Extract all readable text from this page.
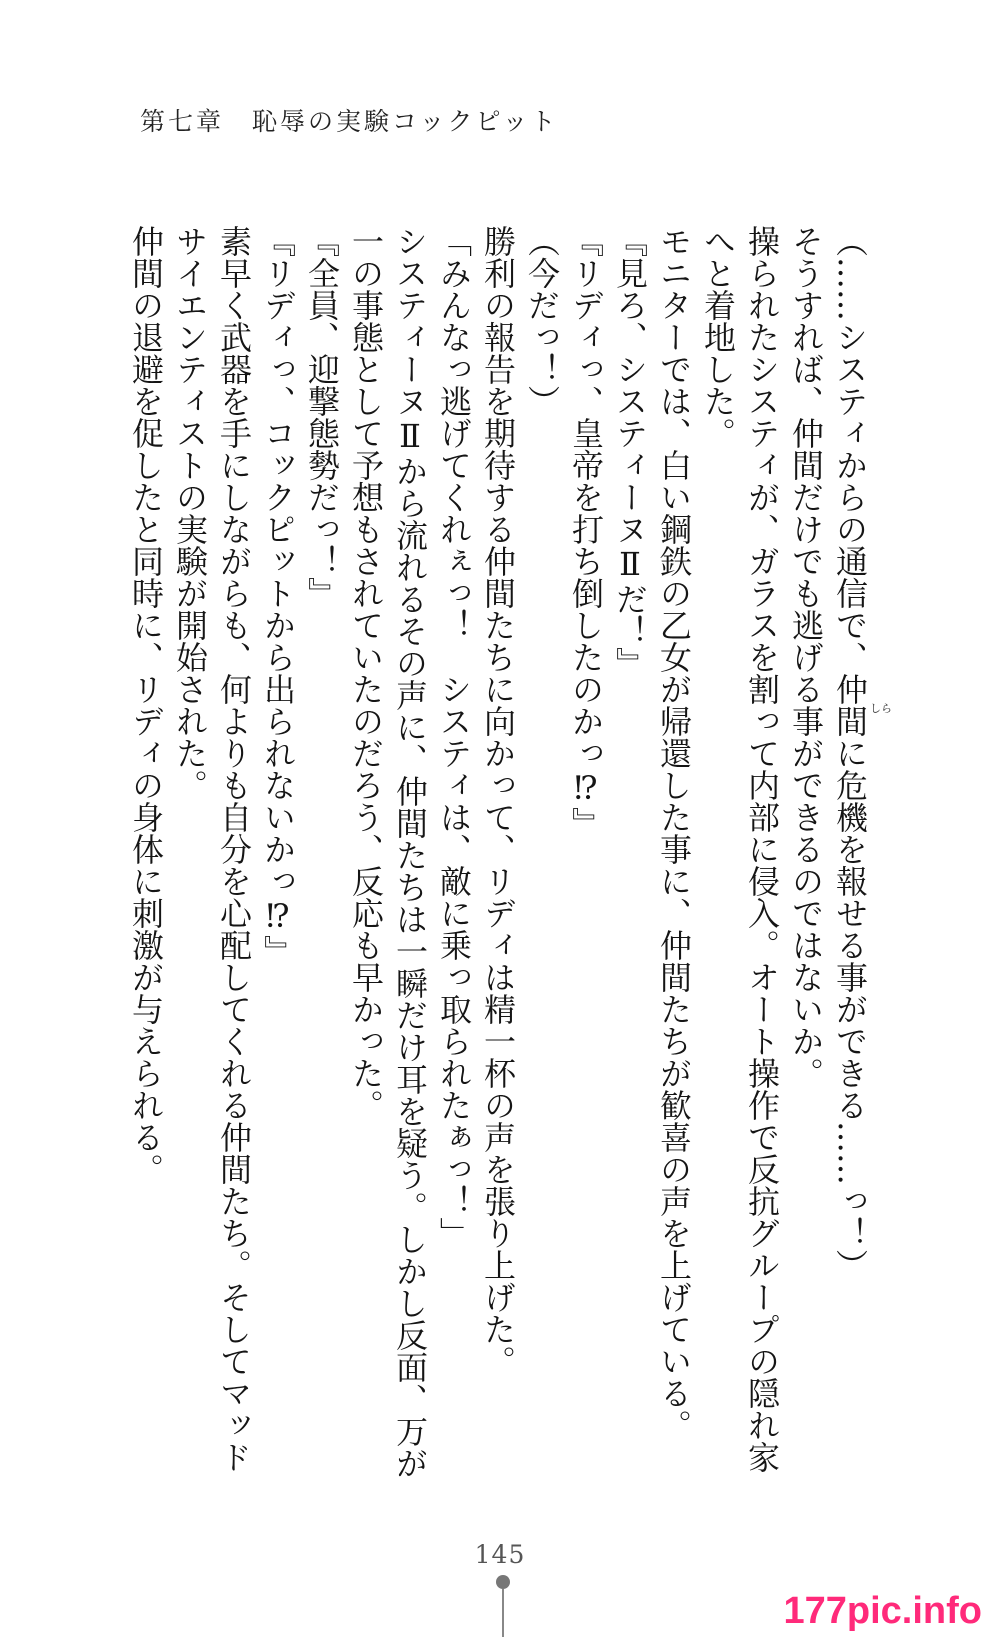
第七章　恥辱の実験コックピット
（……システィからの通信で、仲間に危機を報せる事ができる……っ！）
そうすれば、仲間だけでも逃げる事ができるのではないか。
操られたシスティが、ガラスを割って内部に侵入。オート操作で反抗グループの隠れ家
へと着地した。
モニターでは、白い鋼鉄の乙女が帰還した事に、仲間たちが歓喜の声を上げている。
『見ろ、システィーヌⅡだ！』
『リディっ、皇帝を打ち倒したのかっ⁉』
（今だっ！）
勝利の報告を期待する仲間たちに向かって、リディは精一杯の声を張り上げた。
「みんなっ逃げてくれぇっ！　システィは、敵に乗っ取られたぁっ！」
システィーヌⅡから流れるその声に、仲間たちは一瞬だけ耳を疑う。しかし反面、万が
一の事態として予想もされていたのだろう、反応も早かった。
『全員、迎撃態勢だっ！』
『リディっ、コックピットから出られないかっ⁉』
素早く武器を手にしながらも、何よりも自分を心配してくれる仲間たち。そしてマッド
サイエンティストの実験が開始された。
仲間の退避を促したと同時に、リディの身体に刺激が与えられる。	しら
145
177pic.info
